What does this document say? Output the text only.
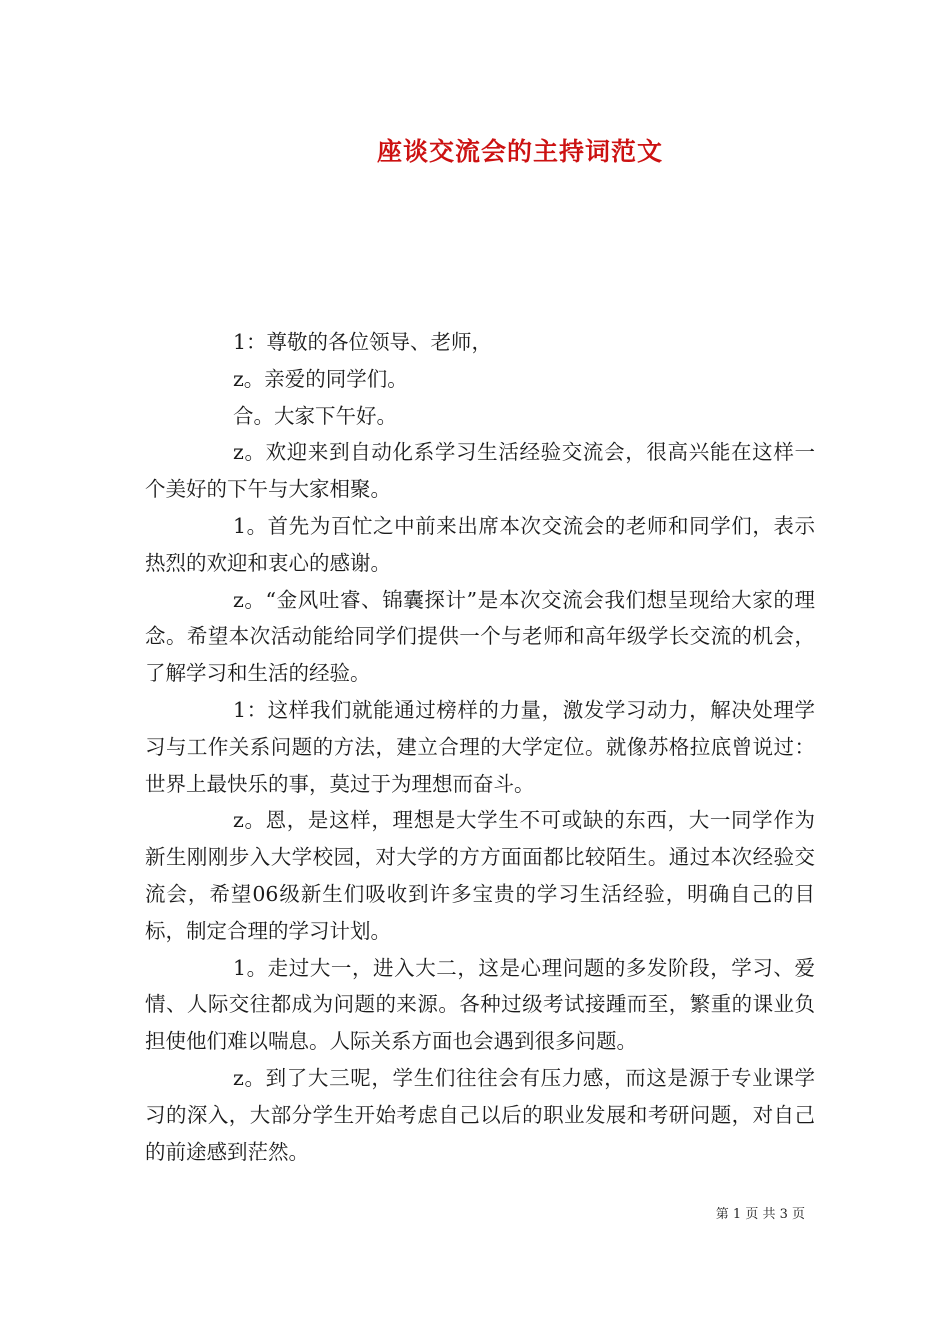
座谈交流会的主持词范文

1：尊敬的各位领导、老师，

z。亲爱的同学们。

合。大家下午好。

z。欢迎来到自动化系学习生活经验交流会，很高兴能在这样一个美好的下午与大家相聚。

1。首先为百忙之中前来出席本次交流会的老师和同学们，表示热烈的欢迎和衷心的感谢。

z。“金风吐睿、锦囊探计”是本次交流会我们想呈现给大家的理念。希望本次活动能给同学们提供一个与老师和高年级学长交流的机会，了解学习和生活的经验。

1：这样我们就能通过榜样的力量，激发学习动力，解决处理学习与工作关系问题的方法，建立合理的大学定位。就像苏格拉底曾说过：世界上最快乐的事，莫过于为理想而奋斗。

z。恩，是这样，理想是大学生不可或缺的东西，大一同学作为新生刚刚步入大学校园，对大学的方方面面都比较陌生。通过本次经验交流会，希望06级新生们吸收到许多宝贵的学习生活经验，明确自己的目标，制定合理的学习计划。

1。走过大一，进入大二，这是心理问题的多发阶段，学习、爱情、人际交往都成为问题的来源。各种过级考试接踵而至，繁重的课业负担使他们难以喘息。人际关系方面也会遇到很多问题。

z。到了大三呢，学生们往往会有压力感，而这是源于专业课学习的深入，大部分学生开始考虑自己以后的职业发展和考研问题，对自己的前途感到茫然。

第 1 页 共 3 页
